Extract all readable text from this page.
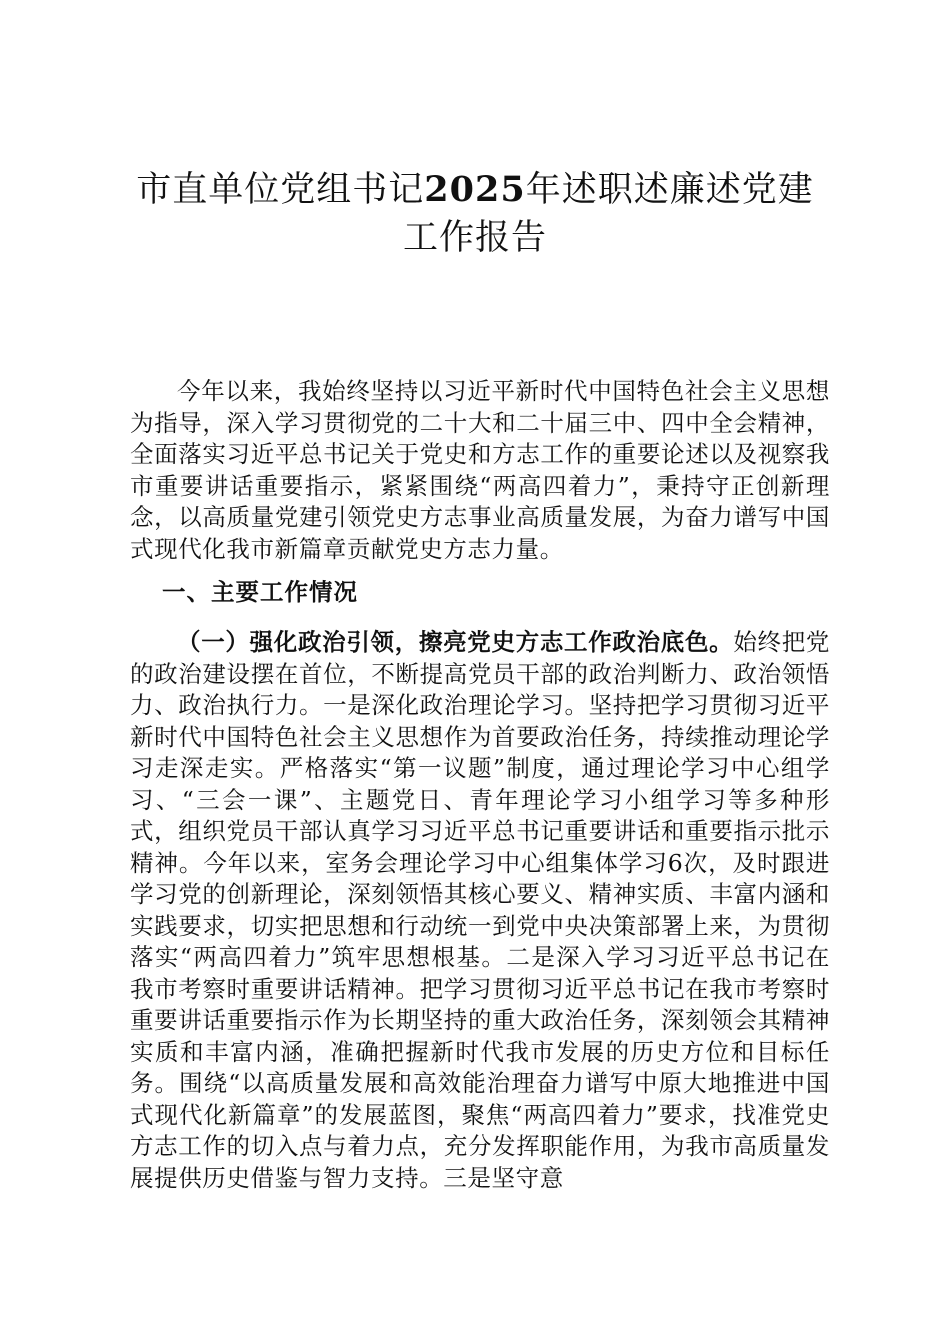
市直单位党组书记2025年述职述廉述党建工作报告

今年以来，我始终坚持以习近平新时代中国特色社会主义思想为指导，深入学习贯彻党的二十大和二十届三中、四中全会精神，全面落实习近平总书记关于党史和方志工作的重要论述以及视察我市重要讲话重要指示，紧紧围绕“两高四着力”，秉持守正创新理念，以高质量党建引领党史方志事业高质量发展，为奋力谱写中国式现代化我市新篇章贡献党史方志力量。

一、主要工作情况

（一）强化政治引领，擦亮党史方志工作政治底色。始终把党的政治建设摆在首位，不断提高党员干部的政治判断力、政治领悟力、政治执行力。一是深化政治理论学习。坚持把学习贯彻习近平新时代中国特色社会主义思想作为首要政治任务，持续推动理论学习走深走实。严格落实“第一议题”制度，通过理论学习中心组学习、“三会一课”、主题党日、青年理论学习小组学习等多种形式，组织党员干部认真学习习近平总书记重要讲话和重要指示批示精神。今年以来，室务会理论学习中心组集体学习6次，及时跟进学习党的创新理论，深刻领悟其核心要义、精神实质、丰富内涵和实践要求，切实把思想和行动统一到党中央决策部署上来，为贯彻落实“两高四着力”筑牢思想根基。二是深入学习习近平总书记在我市考察时重要讲话精神。把学习贯彻习近平总书记在我市考察时重要讲话重要指示作为长期坚持的重大政治任务，深刻领会其精神实质和丰富内涵，准确把握新时代我市发展的历史方位和目标任务。围绕“以高质量发展和高效能治理奋力谱写中原大地推进中国式现代化新篇章”的发展蓝图，聚焦“两高四着力”要求，找准党史方志工作的切入点与着力点，充分发挥职能作用，为我市高质量发展提供历史借鉴与智力支持。三是坚守意
